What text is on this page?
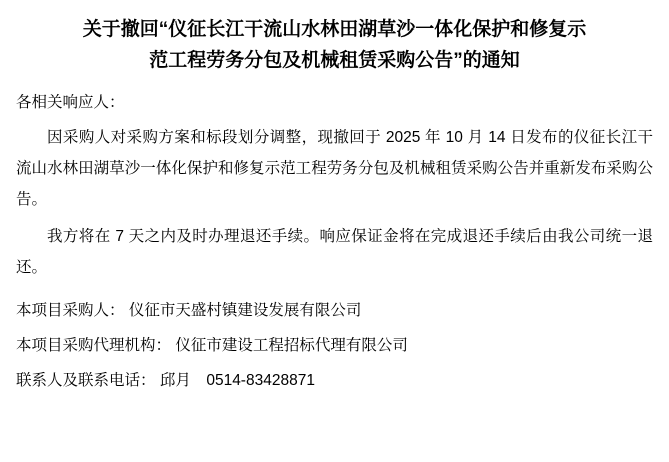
关于撤回“仪征长江干流山水林田湖草沙一体化保护和修复示
范工程劳务分包及机械租赁采购公告”的通知

各相关响应人：

因采购人对采购方案和标段划分调整，现撤回于 2025 年 10 月 14 日发布的仪征长江干流山水林田湖草沙一体化保护和修复示范工程劳务分包及机械租赁采购公告并重新发布采购公告。

我方将在 7 天之内及时办理退还手续。响应保证金将在完成退还手续后由我公司统一退还。

本项目采购人： 仪征市天盛村镇建设发展有限公司

本项目采购代理机构： 仪征市建设工程招标代理有限公司

联系人及联系电话： 邱月　0514-83428871
